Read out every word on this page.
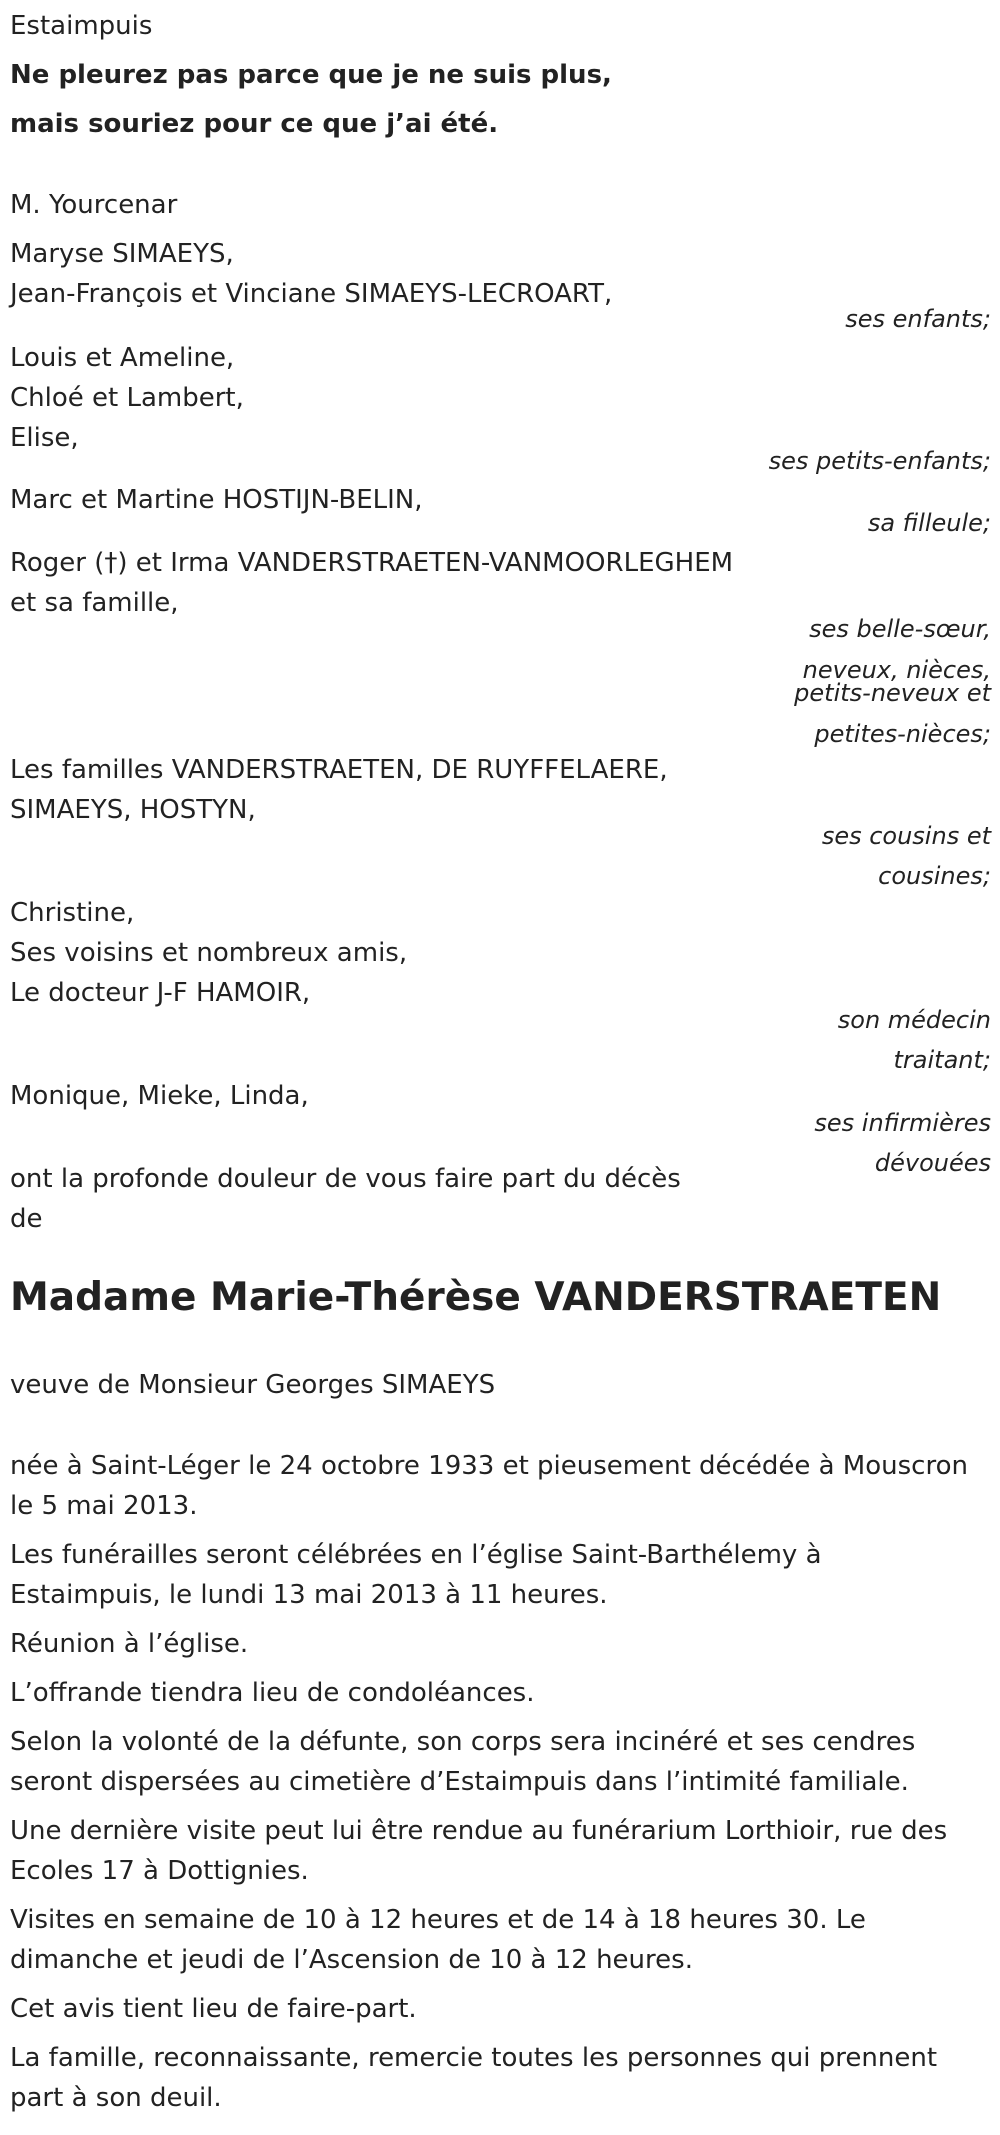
Estaimpuis
Ne pleurez pas parce que je ne suis plus,
mais souriez pour ce que j’ai été.
M. Yourcenar
Maryse SIMAEYS,
Jean-François et Vinciane SIMAEYS-LECROART,
Louis et Ameline,
Chloé et Lambert,
Elise,
Marc et Martine HOSTIJN-BELIN,
Roger (†) et Irma VANDERSTRAETEN-VANMOORLEGHEM
et sa famille,
Les familles VANDERSTRAETEN, DE RUYFFELAERE,
SIMAEYS, HOSTYN,
Christine,
Ses voisins et nombreux amis,
Le docteur J-F HAMOIR,
Monique, Mieke, Linda,
ses enfants;
ses petits-enfants;
sa filleule;
ses belle-sœur,
neveux, nièces,
petits-neveux et
petites-nièces;
ses cousins et
cousines;
son médecin
traitant;
ses infirmières
dévouées
ont la profonde douleur de vous faire part du décès
de
Madame Marie-Thérèse VANDERSTRAETEN
veuve de Monsieur Georges SIMAEYS
née à Saint-Léger le 24 octobre 1933 et pieusement décédée à Mouscron
le 5 mai 2013.
Les funérailles seront célébrées en l’église Saint-Barthélemy à
Estaimpuis, le lundi 13 mai 2013 à 11 heures.
Réunion à l’église.
L’offrande tiendra lieu de condoléances.
Selon la volonté de la défunte, son corps sera incinéré et ses cendres
seront dispersées au cimetière d’Estaimpuis dans l’intimité familiale.
Une dernière visite peut lui être rendue au funérarium Lorthioir, rue des
Ecoles 17 à Dottignies.
Visites en semaine de 10 à 12 heures et de 14 à 18 heures 30. Le
dimanche et jeudi de l’Ascension de 10 à 12 heures.
Cet avis tient lieu de faire-part.
La famille, reconnaissante, remercie toutes les personnes qui prennent
part à son deuil.
